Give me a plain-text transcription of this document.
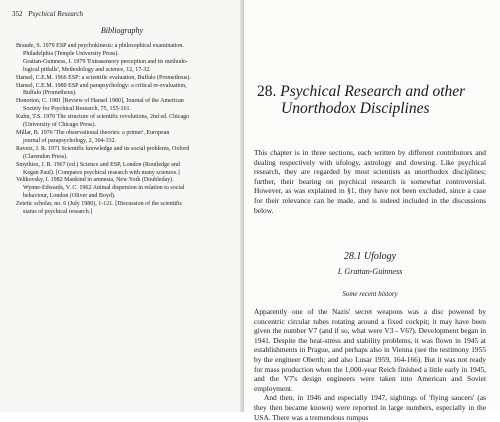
352 Psychical Research
Bibliography
Braude, S. 1979 ESP and psychokinesis: a philosophical examination.
Philadelphia (Temple University Press).
Grattan-Guinness, I. 1979 'Extrasensory perception and its methodo-
logical pitfalls', Methodology and science, 12, 17-32.
Hansel, C.E.M. 1966 ESP: a scientific evaluation, Buffalo (Prometheus).
Hansel, C.E.M. 1980 ESP and parapsychology: a critical re-evaluation,
Buffalo (Prometheus).
Honorton, C. 1981 [Review of Hansel 1980], Journal of the American
Society for Psychical Research, 75, 155-161.
Kuhn, T.S. 1970 The structure of scientific revolutions, 2nd ed. Chicago
(University of Chicago Press).
Millar, B. 1976 'The observational theories: a primer', European
journal of parapsychology, 2, 304-332.
Ravetz, J. R. 1971 Scientific knowledge and its social problems, Oxford
(Clarendon Press).
Smythies, J. R. 1967 (ed.) Science and ESP, London (Routledge and
Kegan Paul). [Compares psychical research with many sciences.]
Velikovsky, I. 1982 Mankind in amnesia, New York (Doubleday).
Wynne-Edwards, V. C. 1962 Animal dispersion in relation to social
behaviour, London (Oliver and Boyd).
Zetetic scholar, no. 6 (July 1980), 1-121. [Discussion of the scientific
status of psychical research.]
28. Psychical Research and other
Unorthodox Disciplines

This chapter is in three sections, each written by different contributors and dealing respectively with ufology, astrology and dowsing. Like psychical research, they are regarded by most scientists as unorthodox disciplines; further, their bearing on psychical research is somewhat controversial. However, as was explained in §1, they have not been excluded, since a case for their relevance can be made, and is indeed included in the discussions below.

28.1 Ufology
I. Grattan-Guinness
Some recent history

Apparently one of the Nazis' secret weapons was a disc powered by concentric circular tubes rotating around a fixed cockpit; it may have been given the number V7 (and if so, what were V3 - V6?). Development began in 1941. Despite the heat-stress and stability problems, it was flown in 1945 at establishments in Prague, and perhaps also in Vienna (see the testimony 1955 by the engineer Oberth; and also Lusar 1959, 164-166). But it was not ready for mass production when the 1,000-year Reich finished a little early in 1945, and the V7's design engineers were taken into American and Soviet employment.

And then, in 1946 and especially 1947, sightings of 'flying saucers' (as they then became known) were reported in large numbers, especially in the USA. There was a tremendous rumpus
